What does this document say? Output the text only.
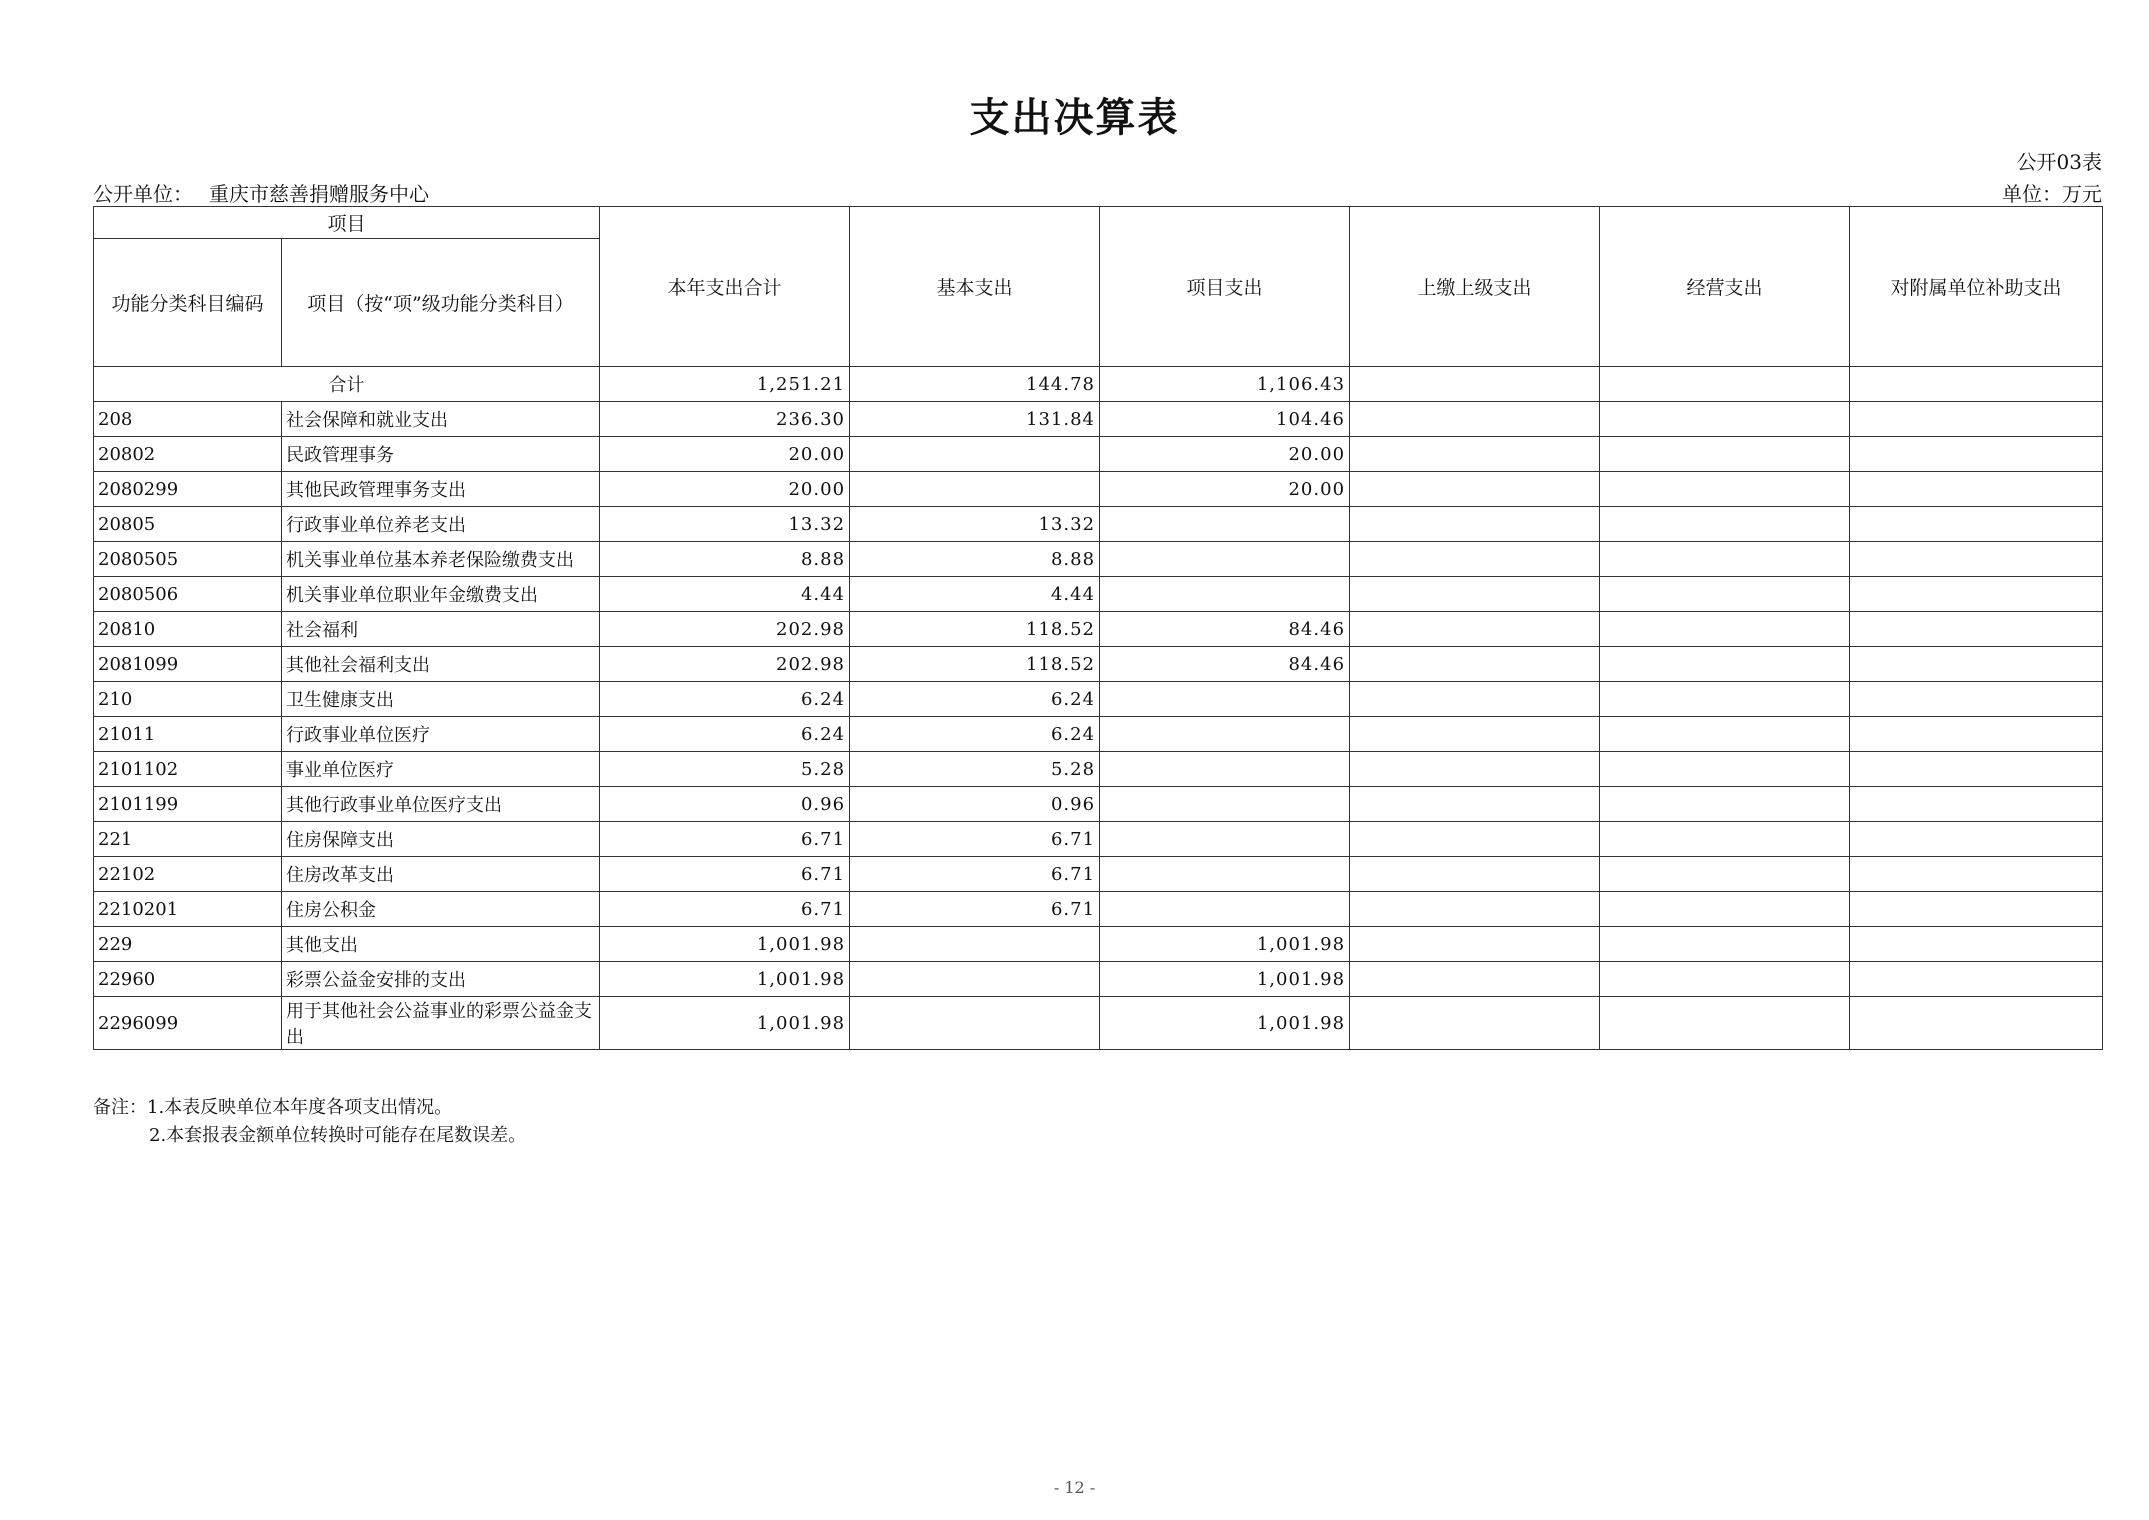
支出决算表
公开03表
公开单位： 重庆市慈善捐赠服务中心	单位：万元
项目		本年支出合计	基本支出	项目支出	上缴上级支出	经营支出	对附属单位补助支出
功能分类科目编码	项目（按“项”级功能分类科目）						
合计		1,251.21	144.78	1,106.43			
208	社会保障和就业支出	236.30	131.84	104.46			
20802	民政管理事务	20.00		20.00			
2080299	其他民政管理事务支出	20.00		20.00			
20805	行政事业单位养老支出	13.32	13.32				
2080505	机关事业单位基本养老保险缴费支出	8.88	8.88				
2080506	机关事业单位职业年金缴费支出	4.44	4.44				
20810	社会福利	202.98	118.52	84.46			
2081099	其他社会福利支出	202.98	118.52	84.46			
210	卫生健康支出	6.24	6.24				
21011	行政事业单位医疗	6.24	6.24				
2101102	事业单位医疗	5.28	5.28				
2101199	其他行政事业单位医疗支出	0.96	0.96				
221	住房保障支出	6.71	6.71				
22102	住房改革支出	6.71	6.71				
2210201	住房公积金	6.71	6.71				
229	其他支出	1,001.98		1,001.98			
22960	彩票公益金安排的支出	1,001.98		1,001.98			
2296099	用于其他社会公益事业的彩票公益金支出	1,001.98		1,001.98			
备注：1.本表反映单位本年度各项支出情况。
2.本套报表金额单位转换时可能存在尾数误差。
- 12 -
